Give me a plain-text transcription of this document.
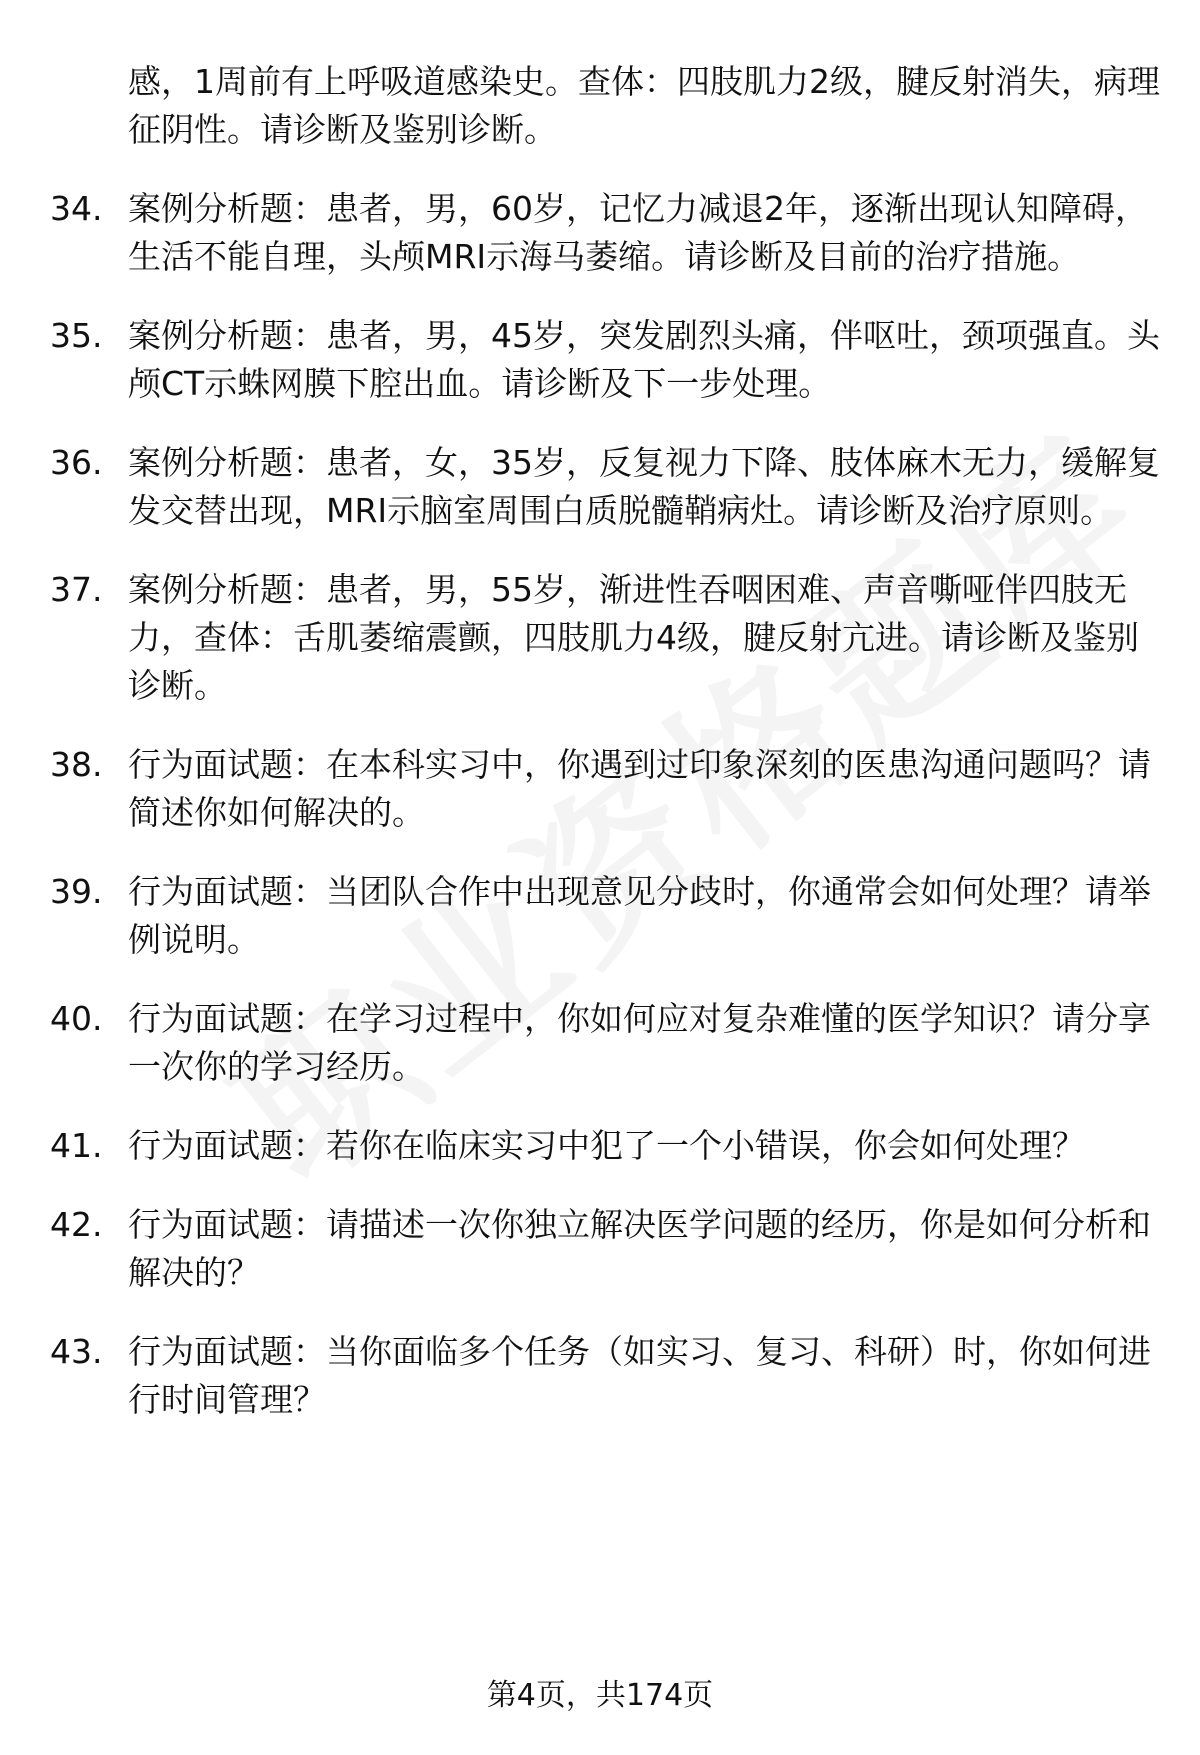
感，1周前有上呼吸道感染史。查体：四肢肌力2级，腱反射消失，病理征阴性。请诊断及鉴别诊断。
34. 案例分析题：患者，男，60岁，记忆力减退2年，逐渐出现认知障碍，生活不能自理，头颅MRI示海马萎缩。请诊断及目前的治疗措施。
35. 案例分析题：患者，男，45岁，突发剧烈头痛，伴呕吐，颈项强直。头颅CT示蛛网膜下腔出血。请诊断及下一步处理。
36. 案例分析题：患者，女，35岁，反复视力下降、肢体麻木无力，缓解复发交替出现，MRI示脑室周围白质脱髓鞘病灶。请诊断及治疗原则。
37. 案例分析题：患者，男，55岁，渐进性吞咽困难、声音嘶哑伴四肢无力，查体：舌肌萎缩震颤，四肢肌力4级，腱反射亢进。请诊断及鉴别诊断。
38. 行为面试题：在本科实习中，你遇到过印象深刻的医患沟通问题吗？请简述你如何解决的。
39. 行为面试题：当团队合作中出现意见分歧时，你通常会如何处理？请举例说明。
40. 行为面试题：在学习过程中，你如何应对复杂难懂的医学知识？请分享一次你的学习经历。
41. 行为面试题：若你在临床实习中犯了一个小错误，你会如何处理？
42. 行为面试题：请描述一次你独立解决医学问题的经历，你是如何分析和解决的？
43. 行为面试题：当你面临多个任务（如实习、复习、科研）时，你如何进行时间管理？
第4页，共174页
